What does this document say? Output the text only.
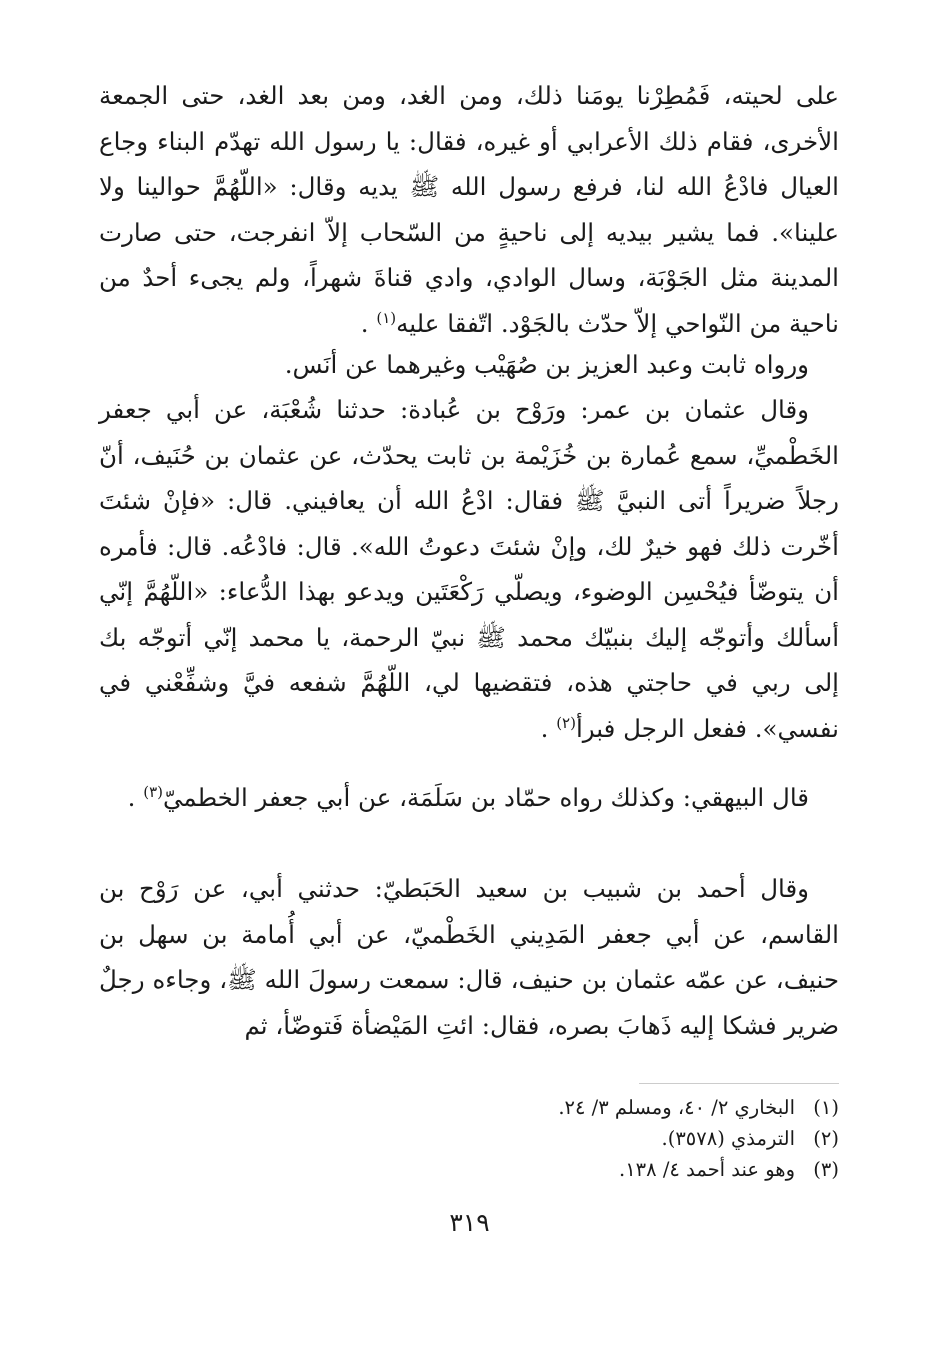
على لحيته، فَمُطِرْنا يومَنا ذلك، ومن الغد، ومن بعد الغد، حتى الجمعة الأخرى، فقام ذلك الأعرابي أو غيره، فقال: يا رسول الله تهدّم البناء وجاع العيال فادْعُ الله لنا، فرفع رسول الله ﷺ يديه وقال: «اللّهُمَّ حوالينا ولا علينا». فما يشير بيديه إلى ناحيةٍ من السّحاب إلاّ انفرجت، حتى صارت المدينة مثل الجَوْبَة، وسال الوادي، وادي قناةَ شهراً، ولم يجىء أحدٌ من ناحية من النّواحي إلاّ حدّث بالجَوْد. اتّفقا عليه$^{(١)}$ .

ورواه ثابت وعبد العزيز بن صُهَيْب وغيرهما عن أنَس.

وقال عثمان بن عمر: ورَوْح بن عُبادة: حدثنا شُعْبَة، عن أبي جعفر الخَطْميِّ، سمع عُمارة بن خُزَيْمة بن ثابت يحدّث، عن عثمان بن حُنَيف، أنّ رجلاً ضريراً أتى النبيَّ ﷺ فقال: ادْعُ الله أن يعافيني. قال: «فإنْ شئتَ أخّرت ذلك فهو خيرٌ لك، وإنْ شئتَ دعوتُ الله». قال: فادْعُه. قال: فأمره أن يتوضّأ فيُحْسِن الوضوء، ويصلّي رَكْعَتَين ويدعو بهذا الدُّعاء: «اللّهُمَّ إنّي أسألك وأتوجّه إليك بنبيّك محمد ﷺ نبيّ الرحمة، يا محمد إنّي أتوجّه بك إلى ربي في حاجتي هذه، فتقضيها لي، اللّهُمَّ شفعه فيَّ وشفِّعْني في نفسي». ففعل الرجل فبرأ$^{(٢)}$ .

قال البيهقي: وكذلك رواه حمّاد بن سَلَمَة، عن أبي جعفر الخطميّ$^{(٣)}$ .

وقال أحمد بن شبيب بن سعيد الحَبَطيّ: حدثني أبي، عن رَوْح بن القاسم، عن أبي جعفر المَدِيني الخَطْميّ، عن أبي أُمامة بن سهل بن حنيف، عن عمّه عثمان بن حنيف، قال: سمعت رسولَ الله ﷺ، وجاءه رجلٌ ضرير فشكا إليه ذَهابَ بصره، فقال: ائتِ المَيْضأة فَتوضّأ، ثم

(١)
البخاري ٢/ ٤٠، ومسلم ٣/ ٢٤.

(٢)
الترمذي (٣٥٧٨).

(٣)
وهو عند أحمد ٤/ ١٣٨.

٣١٩
